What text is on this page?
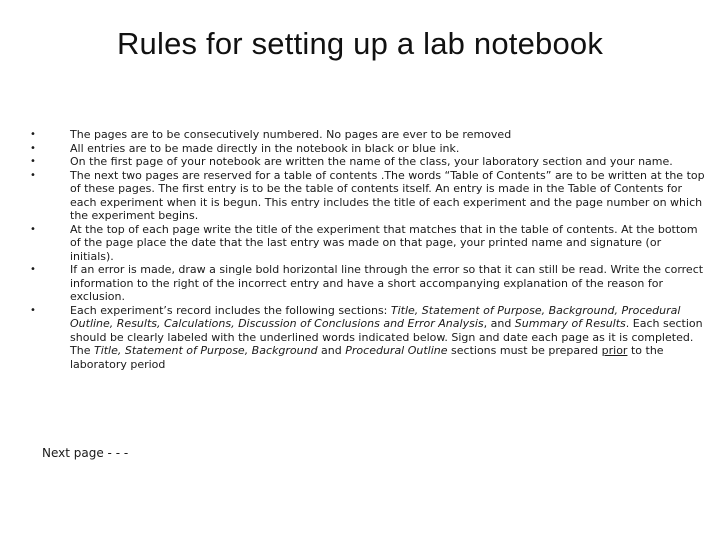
Rules for setting up a lab notebook
•	The pages are to be consecutively numbered. No pages are ever to be removed
•	All entries are to be made directly in the notebook in black or blue ink.
•	On the first page of your notebook are written the name of the class, your laboratory section and your name.
•	The next two pages are reserved for a table of contents .The words “Table of Contents” are to be written at the top of these pages. The first entry is to be the table of contents itself. An entry is made in the Table of Contents for each experiment when it is begun. This entry includes the title of each experiment and the page number on which the experiment begins.
•	At the top of each page write the title of the experiment that matches that in the table of contents. At the bottom of the page place the date that the last entry was made on that page, your printed name and signature (or initials).
•	If an error is made, draw a single bold horizontal line through the error so that it can still be read. Write the correct information to the right of the incorrect entry and have a short accompanying explanation of the reason for exclusion.
•	Each experiment’s record includes the following sections: Title, Statement of Purpose, Background, Procedural Outline, Results, Calculations, Discussion of Conclusions and Error Analysis, and Summary of Results. Each section should be clearly labeled with the underlined words indicated below. Sign and date each page as it is completed. The Title, Statement of Purpose, Background and Procedural Outline sections must be prepared prior to the laboratory period
Next page - - -
